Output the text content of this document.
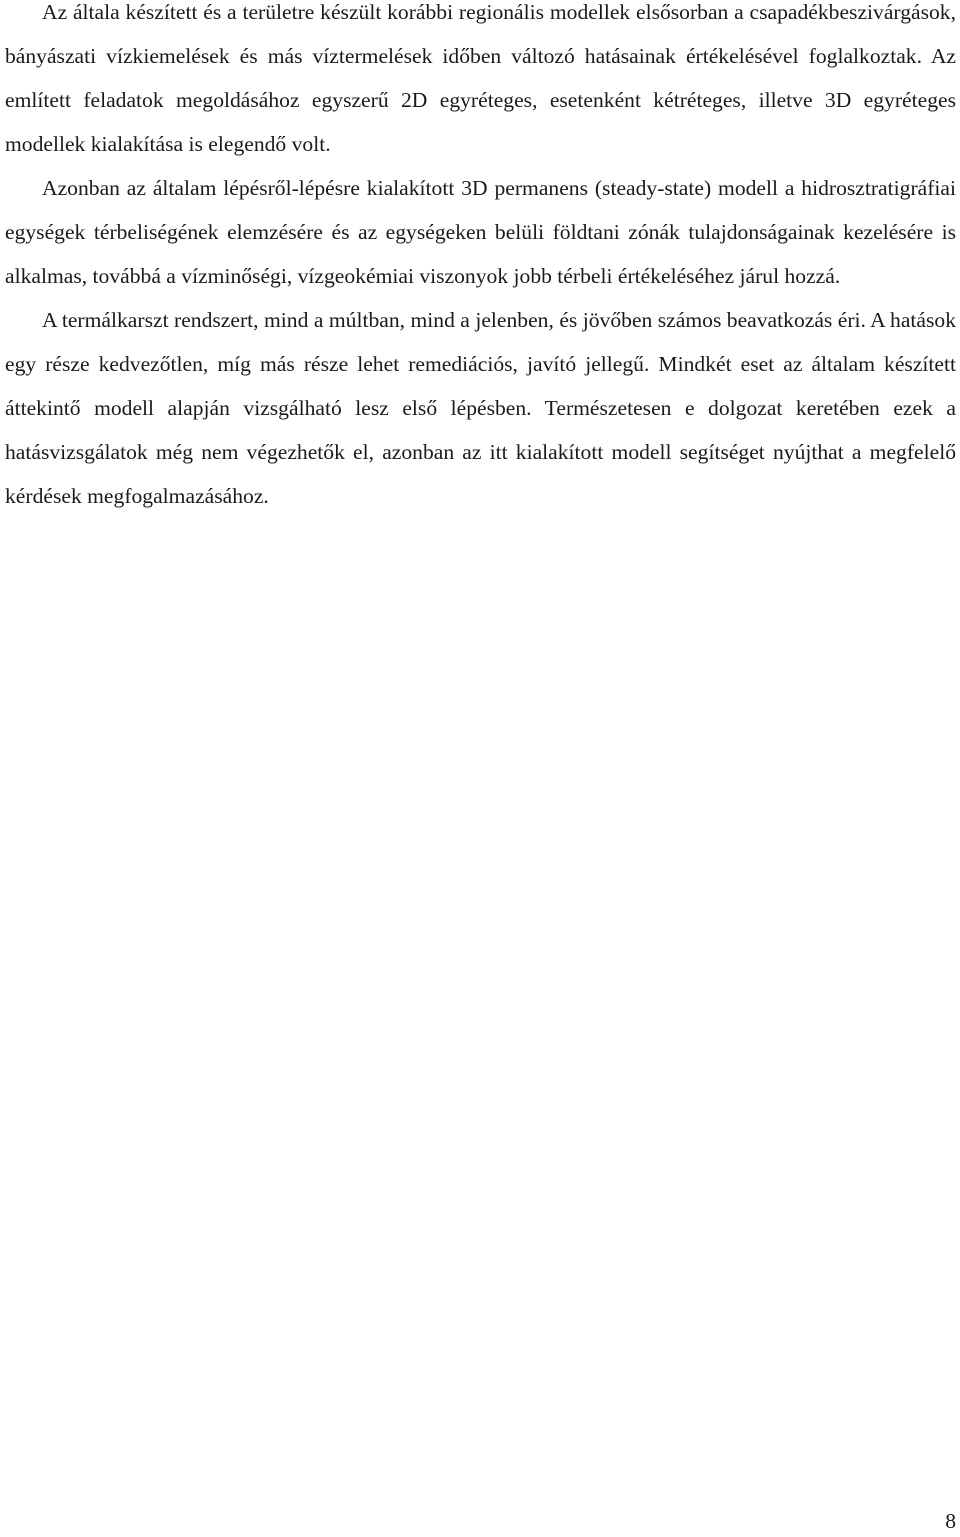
Az általa készített és a területre készült korábbi regionális modellek elsősorban a csapadékbeszivárgások, bányászati vízkiemelések és más víztermelések időben változó hatásainak értékelésével foglalkoztak. Az említett feladatok megoldásához egyszerű 2D egyréteges, esetenként kétréteges, illetve 3D egyréteges modellek kialakítása is elegendő volt.

Azonban az általam lépésről-lépésre kialakított 3D permanens (steady-state) modell a hidrosztratigráfiai egységek térbeliségének elemzésére és az egységeken belüli földtani zónák tulajdonságainak kezelésére is alkalmas, továbbá a vízminőségi, vízgeokémiai viszonyok jobb térbeli értékeléséhez járul hozzá.

A termálkarszt rendszert, mind a múltban, mind a jelenben, és jövőben számos beavatkozás éri. A hatások egy része kedvezőtlen, míg más része lehet remediációs, javító jellegű. Mindkét eset az általam készített áttekintő modell alapján vizsgálható lesz első lépésben. Természetesen e dolgozat keretében ezek a hatásvizsgálatok még nem végezhetők el, azonban az itt kialakított modell segítséget nyújthat a megfelelő kérdések megfogalmazásához.

8
